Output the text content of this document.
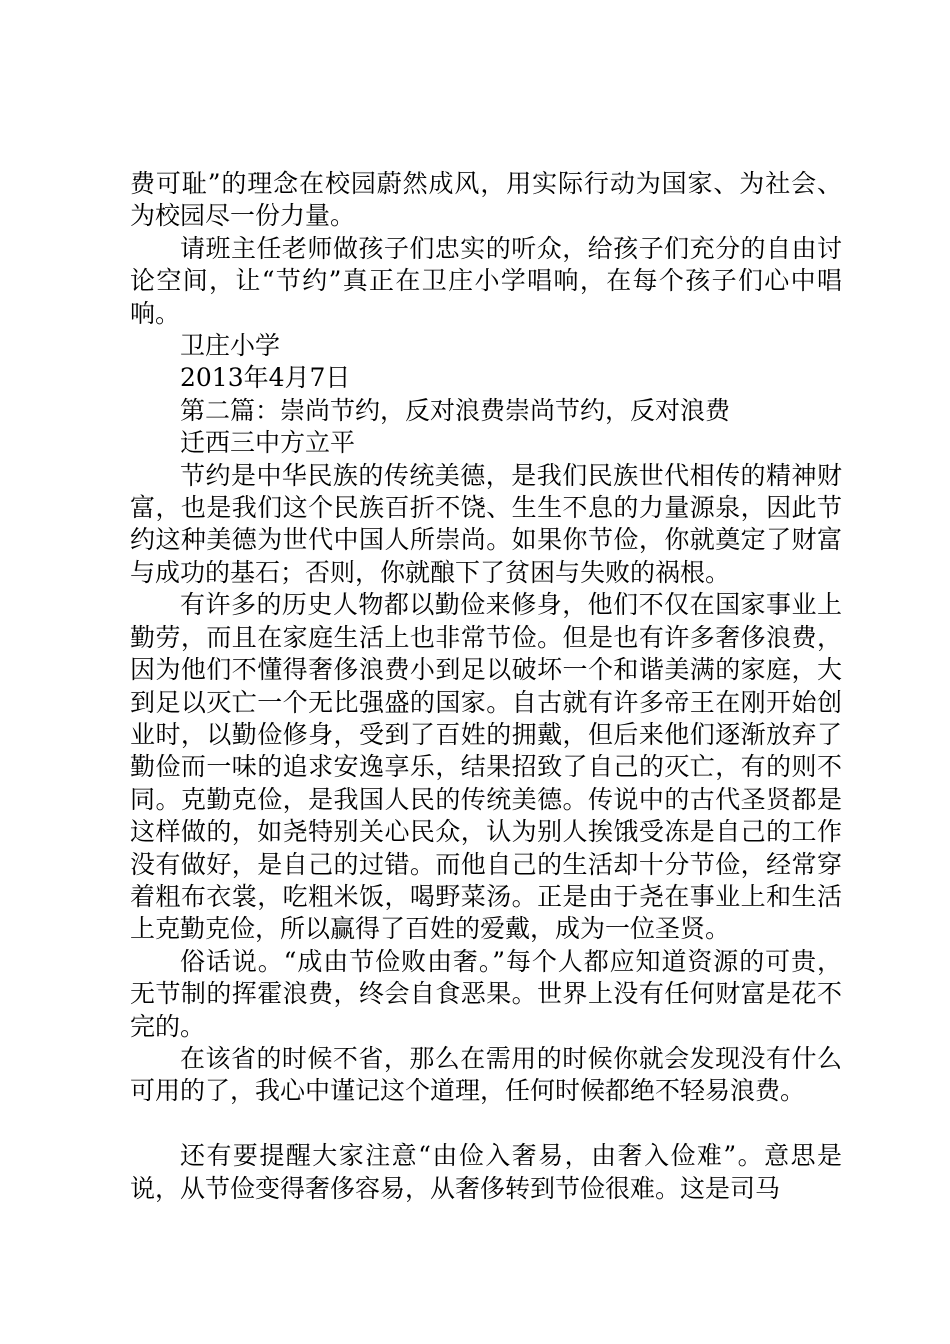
费可耻”的理念在校园蔚然成风，用实际行动为国家、为社会、为校园尽一份力量。

请班主任老师做孩子们忠实的听众，给孩子们充分的自由讨论空间，让“节约”真正在卫庄小学唱响，在每个孩子们心中唱响。

卫庄小学

2013年4月7日

第二篇：崇尚节约，反对浪费崇尚节约，反对浪费

迁西三中方立平

节约是中华民族的传统美德，是我们民族世代相传的精神财富，也是我们这个民族百折不饶、生生不息的力量源泉，因此节约这种美德为世代中国人所崇尚。如果你节俭，你就奠定了财富与成功的基石；否则，你就酿下了贫困与失败的祸根。

有许多的历史人物都以勤俭来修身，他们不仅在国家事业上勤劳，而且在家庭生活上也非常节俭。但是也有许多奢侈浪费，因为他们不懂得奢侈浪费小到足以破坏一个和谐美满的家庭，大到足以灭亡一个无比强盛的国家。自古就有许多帝王在刚开始创业时，以勤俭修身，受到了百姓的拥戴，但后来他们逐渐放弃了勤俭而一味的追求安逸享乐，结果招致了自己的灭亡，有的则不同。克勤克俭，是我国人民的传统美德。传说中的古代圣贤都是这样做的，如尧特别关心民众，认为别人挨饿受冻是自己的工作没有做好，是自己的过错。而他自己的生活却十分节俭，经常穿着粗布衣裳，吃粗米饭，喝野菜汤。正是由于尧在事业上和生活上克勤克俭，所以赢得了百姓的爱戴，成为一位圣贤。

俗话说。“成由节俭败由奢。”每个人都应知道资源的可贵，无节制的挥霍浪费，终会自食恶果。世界上没有任何财富是花不完的。

在该省的时候不省，那么在需用的时候你就会发现没有什么可用的了，我心中谨记这个道理，任何时候都绝不轻易浪费。

还有要提醒大家注意“由俭入奢易，由奢入俭难”。意思是说，从节俭变得奢侈容易，从奢侈转到节俭很难。这是司马
